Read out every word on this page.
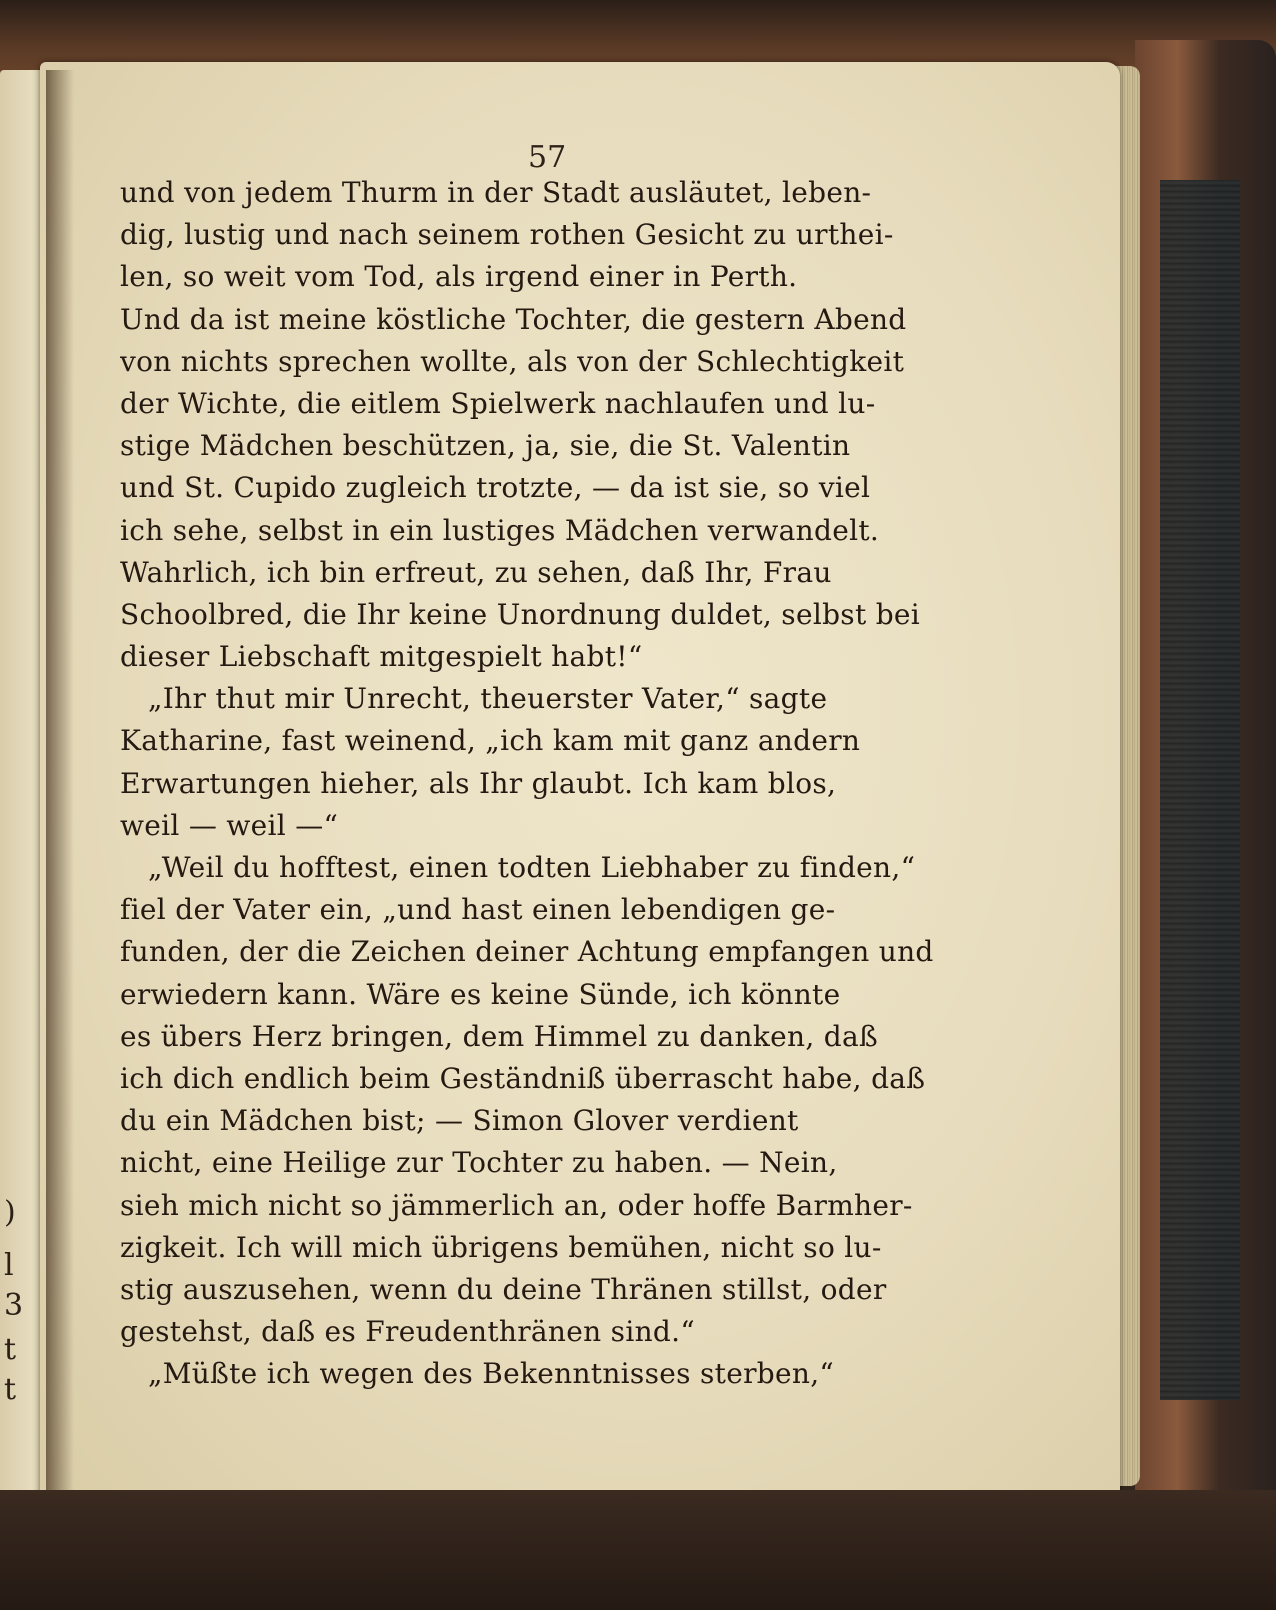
)
l
3
t
t
57
und von jedem Thurm in der Stadt ausläutet, leben-
dig, lustig und nach seinem rothen Gesicht zu urthei-
len, so weit vom Tod, als irgend einer in Perth.
Und da ist meine köstliche Tochter, die gestern Abend
von nichts sprechen wollte, als von der Schlechtigkeit
der Wichte, die eitlem Spielwerk nachlaufen und lu-
stige Mädchen beschützen, ja, sie, die St. Valentin
und St. Cupido zugleich trotzte, — da ist sie, so viel
ich sehe, selbst in ein lustiges Mädchen verwandelt.
Wahrlich, ich bin erfreut, zu sehen, daß Ihr, Frau
Schoolbred, die Ihr keine Unordnung duldet, selbst bei
dieser Liebschaft mitgespielt habt!“
„Ihr thut mir Unrecht, theuerster Vater,“ sagte
Katharine, fast weinend, „ich kam mit ganz andern
Erwartungen hieher, als Ihr glaubt. Ich kam blos,
weil — weil —“
„Weil du hofftest, einen todten Liebhaber zu finden,“
fiel der Vater ein, „und hast einen lebendigen ge-
funden, der die Zeichen deiner Achtung empfangen und
erwiedern kann. Wäre es keine Sünde, ich könnte
es übers Herz bringen, dem Himmel zu danken, daß
ich dich endlich beim Geständniß überrascht habe, daß
du ein Mädchen bist; — Simon Glover verdient
nicht, eine Heilige zur Tochter zu haben. — Nein,
sieh mich nicht so jämmerlich an, oder hoffe Barmher-
zigkeit. Ich will mich übrigens bemühen, nicht so lu-
stig auszusehen, wenn du deine Thränen stillst, oder
gestehst, daß es Freudenthränen sind.“
„Müßte ich wegen des Bekenntnisses sterben,“
